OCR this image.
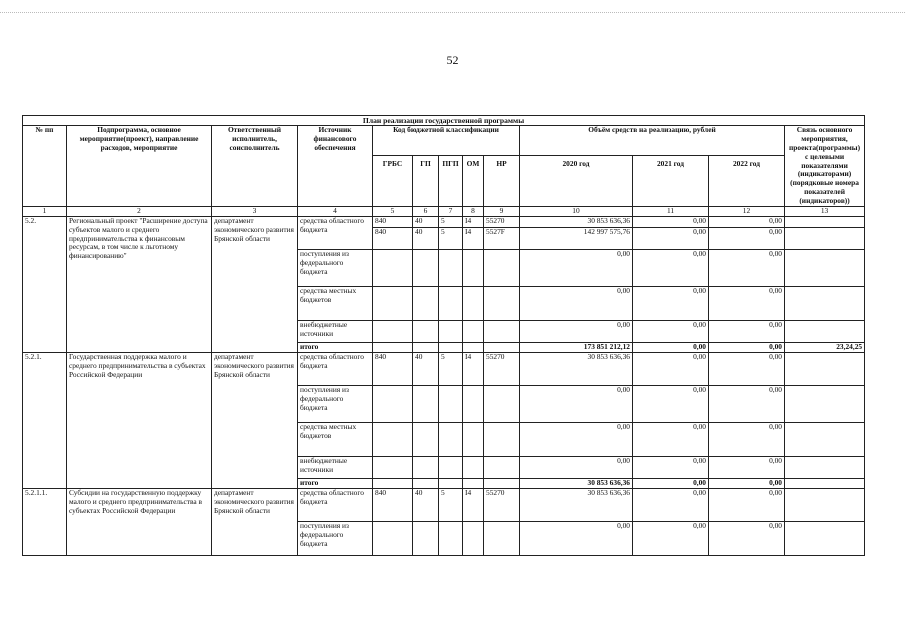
52
План реализации государственной программы												
№ пп	Подпрограмма, основное мероприятие(проект), направление расходов, мероприятие	Ответственный исполнитель, соисполнитель	Источник финансового обеспечения	Код бюджетной классификации					Объём средств на реализацию, рублей			Связь основного мероприятия, проекта(программы) с целевыми показателями (индикаторами) (порядковые номера показателей (индикаторов))
				ГРБС	ГП	ПГП	ОМ	НР	2020 год	2021 год	2022 год	
1	2	3	4	5	6	7	8	9	10	11	12	13
5.2.	Региональный проект "Расширение доступа субъектов малого и среднего предпринимательства к финансовым ресурсам, в том числе к льготному финансированию"	департамент экономического развития Брянской области	средства областного бюджета	840	40	5	I4	55270	30 853 636,36	0,00	0,00	
				840	40	5	I4	5527F	142 997 575,76	0,00	0,00	
			поступления из федерального бюджета						0,00	0,00	0,00	
			средства местных бюджетов						0,00	0,00	0,00	
			внебюджетные источники						0,00	0,00	0,00	
			итого						173 851 212,12	0,00	0,00	23,24,25
5.2.1.	Государственная поддержка малого и среднего предпринимательства в субъектах Российской Федерации	департамент экономического развития Брянской области	средства областного бюджета	840	40	5	I4	55270	30 853 636,36	0,00	0,00	
			поступления из федерального бюджета						0,00	0,00	0,00	
			средства местных бюджетов						0,00	0,00	0,00	
			внебюджетные источники						0,00	0,00	0,00	
			итого						30 853 636,36	0,00	0,00	
5.2.1.1.	Субсидии на государственную поддержку малого и среднего предпринимательства в субъектах Российской Федерации	департамент экономического развития Брянской области	средства областного бюджета	840	40	5	I4	55270	30 853 636,36	0,00	0,00	
			поступления из федерального бюджета						0,00	0,00	0,00	
